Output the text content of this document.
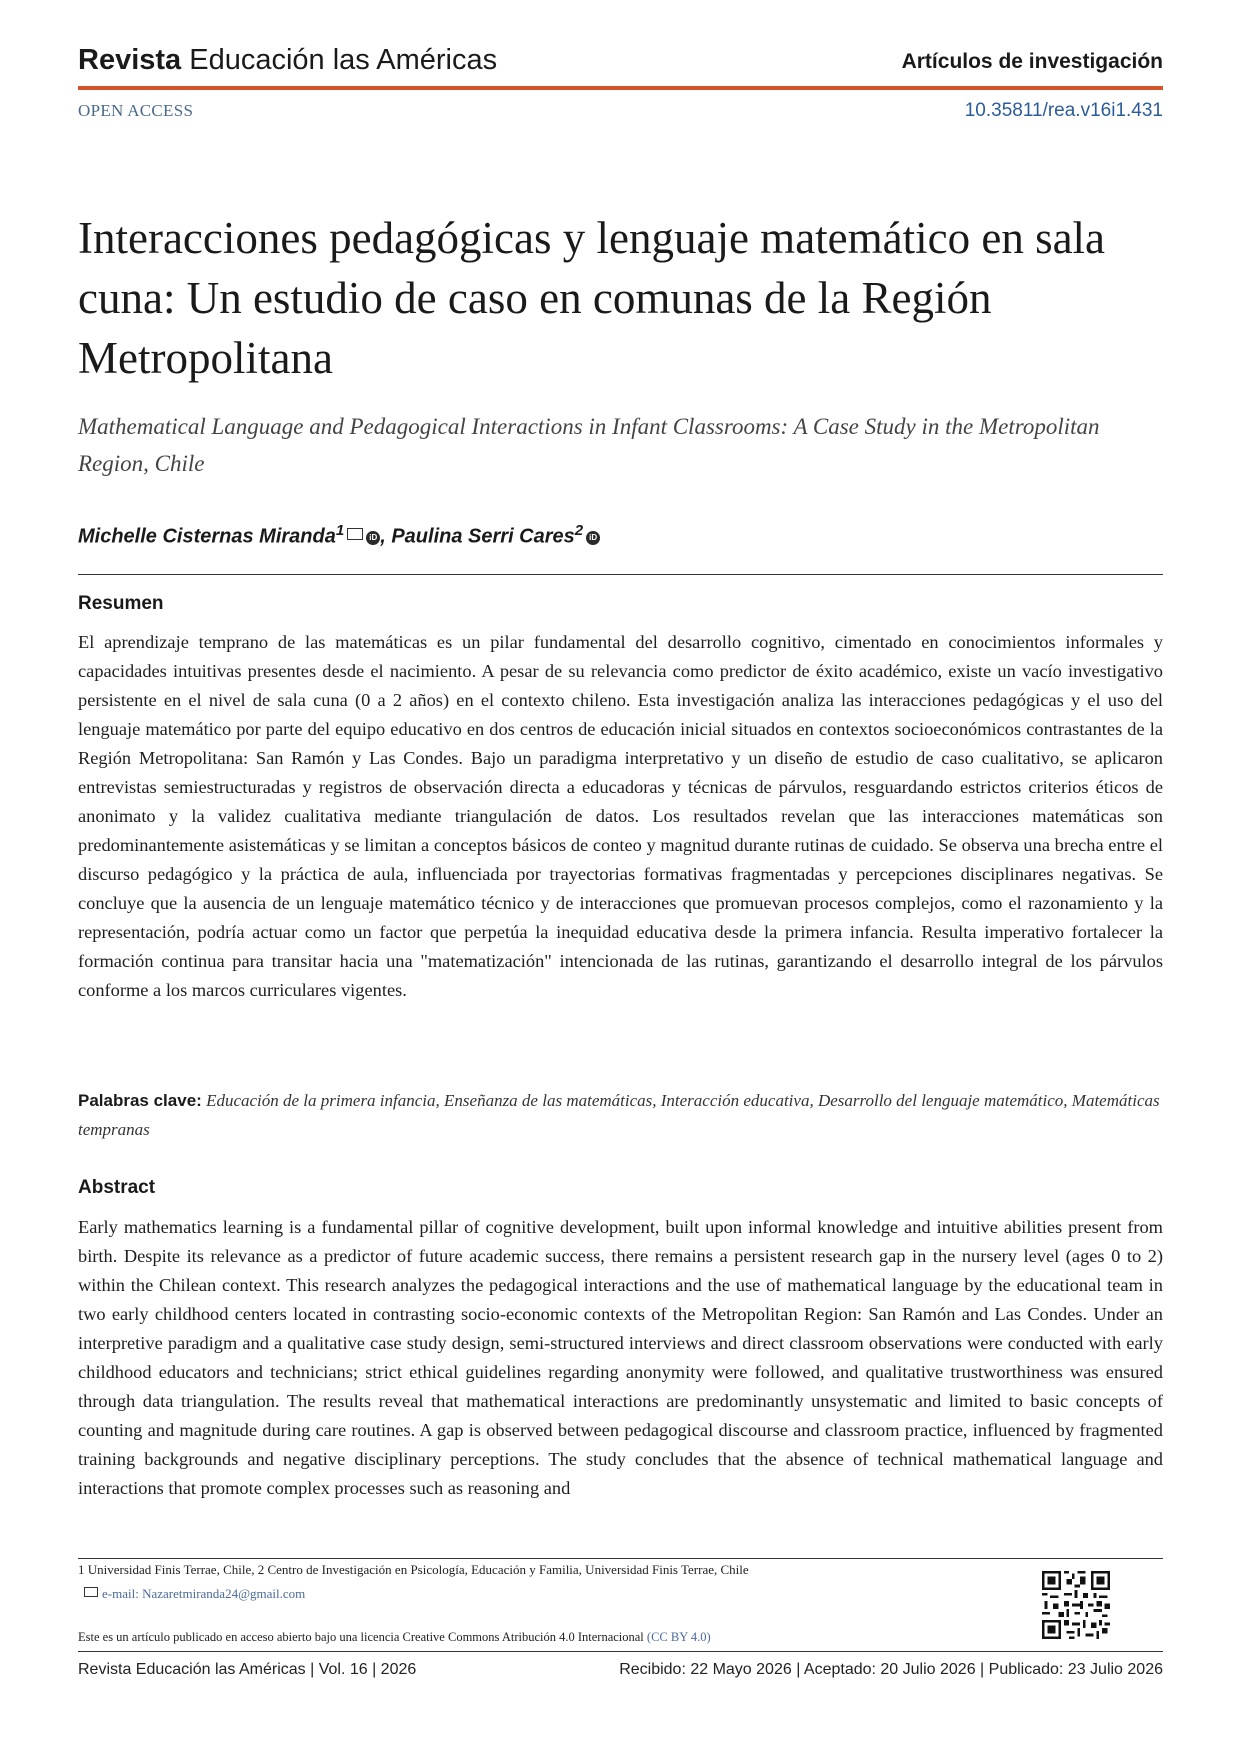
Revista Educación las Américas	Artículos de investigación
OPEN ACCESS	10.35811/rea.v16i1.431
Interacciones pedagógicas y lenguaje matemático en sala cuna: Un estudio de caso en comunas de la Región Metropolitana
Mathematical Language and Pedagogical Interactions in Infant Classrooms: A Case Study in the Metropolitan Region, Chile
Michelle Cisternas Miranda$^1$	iD , Paulina Serri Cares$^2$ iD
Resumen
El aprendizaje temprano de las matemáticas es un pilar fundamental del desarrollo cognitivo, cimentado en conocimientos informales y capacidades intuitivas presentes desde el nacimiento. A pesar de su relevancia como predictor de éxito académico, existe un vacío investigativo persistente en el nivel de sala cuna (0 a 2 años) en el contexto chileno. Esta investigación analiza las interacciones pedagógicas y el uso del lenguaje matemático por parte del equipo educativo en dos centros de educación inicial situados en contextos socioeconómicos contrastantes de la Región Metropolitana: San Ramón y Las Condes. Bajo un paradigma interpretativo y un diseño de estudio de caso cualitativo, se aplicaron entrevistas semiestructuradas y registros de observación directa a educadoras y técnicas de párvulos, resguardando estrictos criterios éticos de anonimato y la validez cualitativa mediante triangulación de datos. Los resultados revelan que las interacciones matemáticas son predominantemente asistemáticas y se limitan a conceptos básicos de conteo y magnitud durante rutinas de cuidado. Se observa una brecha entre el discurso pedagógico y la práctica de aula, influenciada por trayectorias formativas fragmentadas y percepciones disciplinares negativas. Se concluye que la ausencia de un lenguaje matemático técnico y de interacciones que promuevan procesos complejos, como el razonamiento y la representación, podría actuar como un factor que perpetúa la inequidad educativa desde la primera infancia. Resulta imperativo fortalecer la formación continua para transitar hacia una "matematización" intencionada de las rutinas, garantizando el desarrollo integral de los párvulos conforme a los marcos curriculares vigentes.
Palabras clave: Educación de la primera infancia, Enseñanza de las matemáticas, Interacción educativa, Desarrollo del lenguaje matemático, Matemáticas tempranas
Abstract
Early mathematics learning is a fundamental pillar of cognitive development, built upon informal knowledge and intuitive abilities present from birth. Despite its relevance as a predictor of future academic success, there remains a persistent research gap in the nursery level (ages 0 to 2) within the Chilean context. This research analyzes the pedagogical interactions and the use of mathematical language by the educational team in two early childhood centers located in contrasting socio-economic contexts of the Metropolitan Region: San Ramón and Las Condes. Under an interpretive paradigm and a qualitative case study design, semi-structured interviews and direct classroom observations were conducted with early childhood educators and technicians; strict ethical guidelines regarding anonymity were followed, and qualitative trustworthiness was ensured through data triangulation. The results reveal that mathematical interactions are predominantly unsystematic and limited to basic concepts of counting and magnitude during care routines. A gap is observed between pedagogical discourse and classroom practice, influenced by fragmented training backgrounds and negative disciplinary perceptions. The study concludes that the absence of technical mathematical language and interactions that promote complex processes such as reasoning and
1 Universidad Finis Terrae, Chile, 2 Centro de Investigación en Psicología, Educación y Familia, Universidad Finis Terrae, Chile
e-mail: Nazaretmiranda24@gmail.com
Este es un artículo publicado en acceso abierto bajo una licencia Creative Commons Atribución 4.0 Internacional (CC BY 4.0)
Revista Educación las Américas | Vol. 16 | 2026	Recibido: 22 Mayo 2026 | Aceptado: 20 Julio 2026 | Publicado: 23 Julio 2026
